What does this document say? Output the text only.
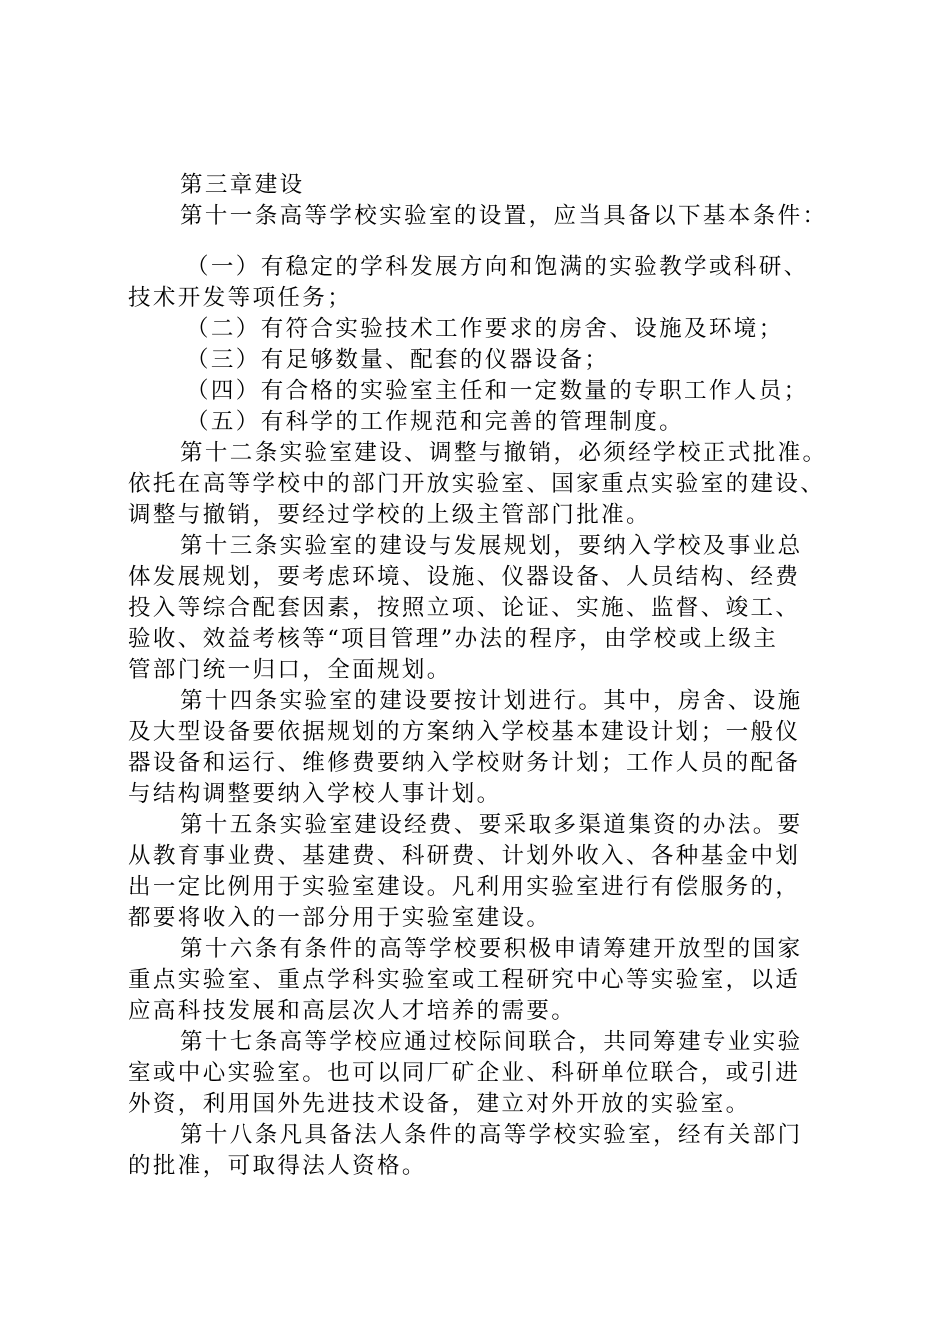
第三章建设
第十一条高等学校实验室的设置，应当具备以下基本条件：
（一）有稳定的学科发展方向和饱满的实验教学或科研、
技术开发等项任务；
（二）有符合实验技术工作要求的房舍、设施及环境；
（三）有足够数量、配套的仪器设备；
（四）有合格的实验室主任和一定数量的专职工作人员；
（五）有科学的工作规范和完善的管理制度。
第十二条实验室建设、调整与撤销，必须经学校正式批准。
依托在高等学校中的部门开放实验室、国家重点实验室的建设、
调整与撤销，要经过学校的上级主管部门批准。
第十三条实验室的建设与发展规划，要纳入学校及事业总
体发展规划，要考虑环境、设施、仪器设备、人员结构、经费
投入等综合配套因素，按照立项、论证、实施、监督、竣工、
验收、效益考核等“项目管理”办法的程序，由学校或上级主
管部门统一归口，全面规划。
第十四条实验室的建设要按计划进行。其中，房舍、设施
及大型设备要依据规划的方案纳入学校基本建设计划；一般仪
器设备和运行、维修费要纳入学校财务计划；工作人员的配备
与结构调整要纳入学校人事计划。
第十五条实验室建设经费、要采取多渠道集资的办法。要
从教育事业费、基建费、科研费、计划外收入、各种基金中划
出一定比例用于实验室建设。凡利用实验室进行有偿服务的，
都要将收入的一部分用于实验室建设。
第十六条有条件的高等学校要积极申请筹建开放型的国家
重点实验室、重点学科实验室或工程研究中心等实验室，以适
应高科技发展和高层次人才培养的需要。
第十七条高等学校应通过校际间联合，共同筹建专业实验
室或中心实验室。也可以同厂矿企业、科研单位联合，或引进
外资，利用国外先进技术设备，建立对外开放的实验室。
第十八条凡具备法人条件的高等学校实验室，经有关部门
的批准，可取得法人资格。
